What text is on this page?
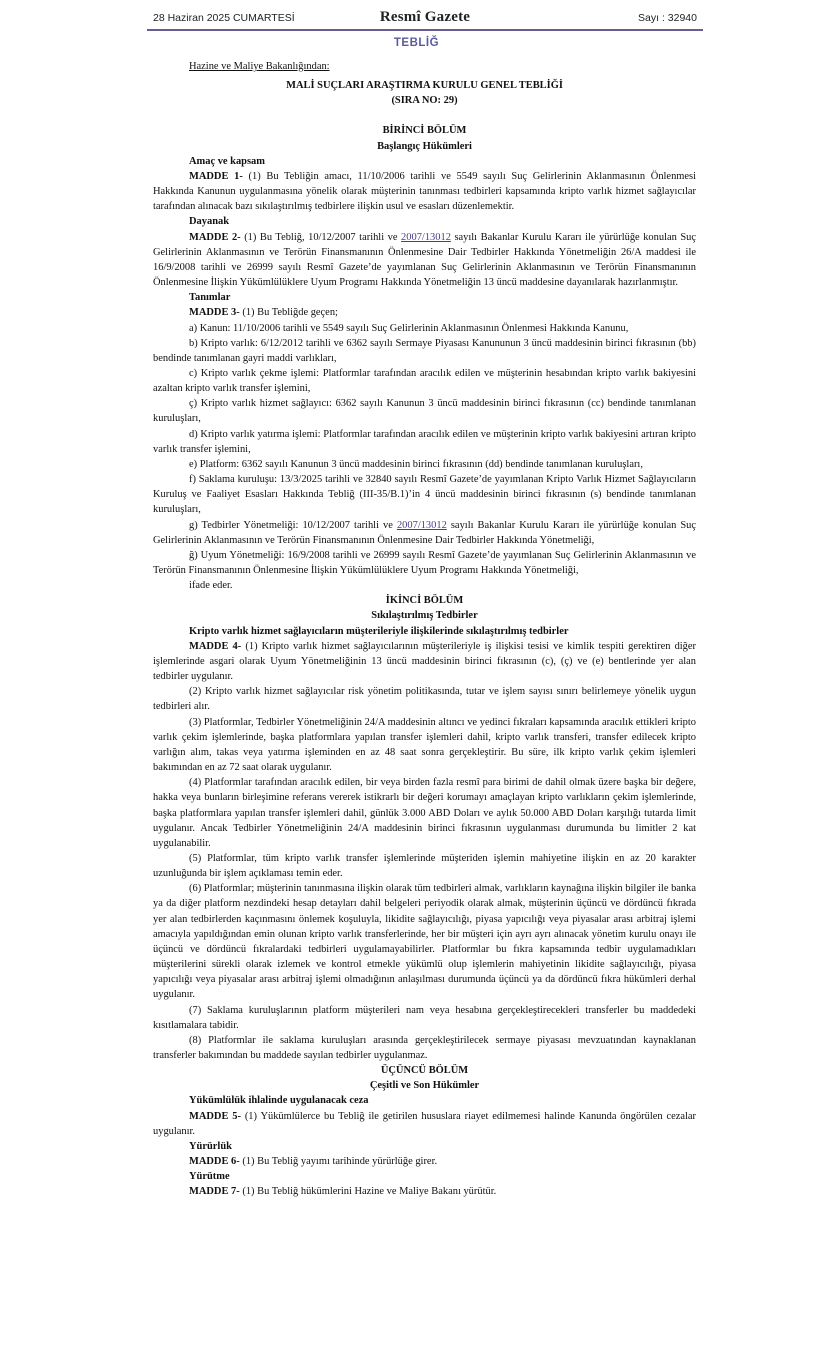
28 Haziran 2025 CUMARTESİ	Resmî Gazete	Sayı : 32940
TEBLİĞ

Hazine ve Maliye Bakanlığından:

MALİ SUÇLARI ARAŞTIRMA KURULU GENEL TEBLİĞİ

(SIRA NO: 29)

BİRİNCİ BÖLÜM

Başlangıç Hükümleri

Amaç ve kapsam

MADDE 1- (1) Bu Tebliğin amacı, 11/10/2006 tarihli ve 5549 sayılı Suç Gelirlerinin Aklanmasının Önlenmesi Hakkında Kanunun uygulanmasına yönelik olarak müşterinin tanınması tedbirleri kapsamında kripto varlık hizmet sağlayıcılar tarafından alınacak bazı sıkılaştırılmış tedbirlere ilişkin usul ve esasları düzenlemektir.

Dayanak

MADDE 2- (1) Bu Tebliğ, 10/12/2007 tarihli ve 2007/13012 sayılı Bakanlar Kurulu Kararı ile yürürlüğe konulan Suç Gelirlerinin Aklanmasının ve Terörün Finansmanının Önlenmesine Dair Tedbirler Hakkında Yönetmeliğin 26/A maddesi ile 16/9/2008 tarihli ve 26999 sayılı Resmî Gazete’de yayımlanan Suç Gelirlerinin Aklanmasının ve Terörün Finansmanının Önlenmesine İlişkin Yükümlülüklere Uyum Programı Hakkında Yönetmeliğin 13 üncü maddesine dayanılarak hazırlanmıştır.

Tanımlar

MADDE 3- (1) Bu Tebliğde geçen;

a) Kanun: 11/10/2006 tarihli ve 5549 sayılı Suç Gelirlerinin Aklanmasının Önlenmesi Hakkında Kanunu,

b) Kripto varlık: 6/12/2012 tarihli ve 6362 sayılı Sermaye Piyasası Kanununun 3 üncü maddesinin birinci fıkrasının (bb) bendinde tanımlanan gayri maddi varlıkları,

c) Kripto varlık çekme işlemi: Platformlar tarafından aracılık edilen ve müşterinin hesabından kripto varlık bakiyesini azaltan kripto varlık transfer işlemini,

ç) Kripto varlık hizmet sağlayıcı: 6362 sayılı Kanunun 3 üncü maddesinin birinci fıkrasının (cc) bendinde tanımlanan kuruluşları,

d) Kripto varlık yatırma işlemi: Platformlar tarafından aracılık edilen ve müşterinin kripto varlık bakiyesini artıran kripto varlık transfer işlemini,

e) Platform: 6362 sayılı Kanunun 3 üncü maddesinin birinci fıkrasının (dd) bendinde tanımlanan kuruluşları,

f) Saklama kuruluşu: 13/3/2025 tarihli ve 32840 sayılı Resmî Gazete’de yayımlanan Kripto Varlık Hizmet Sağlayıcıların Kuruluş ve Faaliyet Esasları Hakkında Tebliğ (III-35/B.1)’in 4 üncü maddesinin birinci fıkrasının (s) bendinde tanımlanan kuruluşları,

g) Tedbirler Yönetmeliği: 10/12/2007 tarihli ve 2007/13012 sayılı Bakanlar Kurulu Kararı ile yürürlüğe konulan Suç Gelirlerinin Aklanmasının ve Terörün Finansmanının Önlenmesine Dair Tedbirler Hakkında Yönetmeliği,

ğ) Uyum Yönetmeliği: 16/9/2008 tarihli ve 26999 sayılı Resmî Gazete’de yayımlanan Suç Gelirlerinin Aklanmasının ve Terörün Finansmanının Önlenmesine İlişkin Yükümlülüklere Uyum Programı Hakkında Yönetmeliği,

ifade eder.

İKİNCİ BÖLÜM

Sıkılaştırılmış Tedbirler

Kripto varlık hizmet sağlayıcıların müşterileriyle ilişkilerinde sıkılaştırılmış tedbirler

MADDE 4- (1) Kripto varlık hizmet sağlayıcılarının müşterileriyle iş ilişkisi tesisi ve kimlik tespiti gerektiren diğer işlemlerinde asgari olarak Uyum Yönetmeliğinin 13 üncü maddesinin birinci fıkrasının (c), (ç) ve (e) bentlerinde yer alan tedbirler uygulanır.

(2) Kripto varlık hizmet sağlayıcılar risk yönetim politikasında, tutar ve işlem sayısı sınırı belirlemeye yönelik uygun tedbirleri alır.

(3) Platformlar, Tedbirler Yönetmeliğinin 24/A maddesinin altıncı ve yedinci fıkraları kapsamında aracılık ettikleri kripto varlık çekim işlemlerinde, başka platformlara yapılan transfer işlemleri dahil, kripto varlık transferi, transfer edilecek kripto varlığın alım, takas veya yatırma işleminden en az 48 saat sonra gerçekleştirir. Bu süre, ilk kripto varlık çekim işlemleri bakımından en az 72 saat olarak uygulanır.

(4) Platformlar tarafından aracılık edilen, bir veya birden fazla resmî para birimi de dahil olmak üzere başka bir değere, hakka veya bunların birleşimine referans vererek istikrarlı bir değeri korumayı amaçlayan kripto varlıkların çekim işlemlerinde, başka platformlara yapılan transfer işlemleri dahil, günlük 3.000 ABD Doları ve aylık 50.000 ABD Doları karşılığı tutarda limit uygulanır. Ancak Tedbirler Yönetmeliğinin 24/A maddesinin birinci fıkrasının uygulanması durumunda bu limitler 2 kat uygulanabilir.

(5) Platformlar, tüm kripto varlık transfer işlemlerinde müşteriden işlemin mahiyetine ilişkin en az 20 karakter uzunluğunda bir işlem açıklaması temin eder.

(6) Platformlar; müşterinin tanınmasına ilişkin olarak tüm tedbirleri almak, varlıkların kaynağına ilişkin bilgiler ile banka ya da diğer platform nezdindeki hesap detayları dahil belgeleri periyodik olarak almak, müşterinin üçüncü ve dördüncü fıkrada yer alan tedbirlerden kaçınmasını önlemek koşuluyla, likidite sağlayıcılığı, piyasa yapıcılığı veya piyasalar arası arbitraj işlemi amacıyla yapıldığından emin olunan kripto varlık transferlerinde, her bir müşteri için ayrı ayrı alınacak yönetim kurulu onayı ile üçüncü ve dördüncü fıkralardaki tedbirleri uygulamayabilirler. Platformlar bu fıkra kapsamında tedbir uygulamadıkları müşterilerini sürekli olarak izlemek ve kontrol etmekle yükümlü olup işlemlerin mahiyetinin likidite sağlayıcılığı, piyasa yapıcılığı veya piyasalar arası arbitraj işlemi olmadığının anlaşılması durumunda üçüncü ya da dördüncü fıkra hükümleri derhal uygulanır.

(7) Saklama kuruluşlarının platform müşterileri nam veya hesabına gerçekleştirecekleri transferler bu maddedeki kısıtlamalara tabidir.

(8) Platformlar ile saklama kuruluşları arasında gerçekleştirilecek sermaye piyasası mevzuatından kaynaklanan transferler bakımından bu maddede sayılan tedbirler uygulanmaz.

ÜÇÜNCÜ BÖLÜM

Çeşitli ve Son Hükümler

Yükümlülük ihlalinde uygulanacak ceza

MADDE 5- (1) Yükümlülerce bu Tebliğ ile getirilen hususlara riayet edilmemesi halinde Kanunda öngörülen cezalar uygulanır.

Yürürlük

MADDE 6- (1) Bu Tebliğ yayımı tarihinde yürürlüğe girer.

Yürütme

MADDE 7- (1) Bu Tebliğ hükümlerini Hazine ve Maliye Bakanı yürütür.
